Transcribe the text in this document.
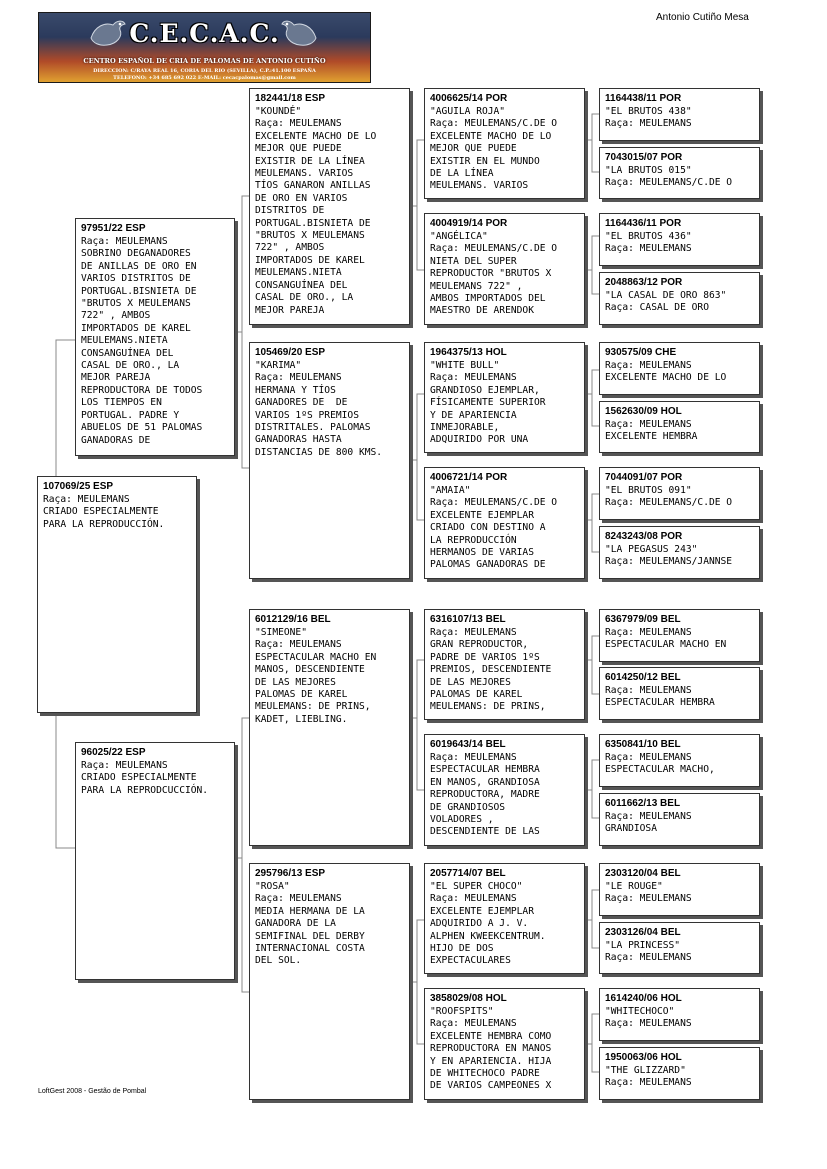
C.E.C.A.C.
CENTRO ESPAÑOL DE CRIA DE PALOMAS DE ANTONIO CUTIÑO
DIRECCION: C/RAYA REAL 16, CORIA DEL RIO (SEVILLA), C.P.:41.100 ESPAÑA
TELEFONO: +34 685 692 022 E-MAIL: cecacpalomas@gmail.com
Antonio Cutiño Mesa
107069/25 ESP
Raça: MEULEMANS
CRIADO ESPECIALMENTE
PARA LA REPRODUCCIÓN.
97951/22 ESP
Raça: MEULEMANS
SOBRINO DEGANADORES
DE ANILLAS DE ORO EN
VARIOS DISTRITOS DE
PORTUGAL.BISNIETA DE
"BRUTOS X MEULEMANS
722" , AMBOS
IMPORTADOS DE KAREL
MEULEMANS.NIETA
CONSANGUÍNEA DEL
CASAL DE ORO., LA
MEJOR PAREJA
REPRODUCTORA DE TODOS
LOS TIEMPOS EN
PORTUGAL. PADRE Y
ABUELOS DE 51 PALOMAS
GANADORAS DE
96025/22 ESP
Raça: MEULEMANS
CRIADO ESPECIALMENTE
PARA LA REPRODCUCCIÓN.
182441/18 ESP
"KOUNDÉ"
Raça: MEULEMANS
EXCELENTE MACHO DE LO
MEJOR QUE PUEDE
EXISTIR DE LA LÍNEA
MEULEMANS. VARIOS
TÍOS GANARON ANILLAS
DE ORO EN VARIOS
DISTRITOS DE
PORTUGAL.BISNIETA DE
"BRUTOS X MEULEMANS
722" , AMBOS
IMPORTADOS DE KAREL
MEULEMANS.NIETA
CONSANGUÍNEA DEL
CASAL DE ORO., LA
MEJOR PAREJA
105469/20 ESP
"KARIMA"
Raça: MEULEMANS
HERMANA Y TÍOS
GANADORES DE  DE
VARIOS 1ºS PREMIOS
DISTRITALES. PALOMAS
GANADORAS HASTA
DISTANCIAS DE 800 KMS.
6012129/16 BEL
"SIMEONE"
Raça: MEULEMANS
ESPECTACULAR MACHO EN
MANOS, DESCENDIENTE
DE LAS MEJORES
PALOMAS DE KAREL
MEULEMANS: DE PRINS,
KADET, LIEBLING.
295796/13 ESP
"ROSA"
Raça: MEULEMANS
MEDIA HERMANA DE LA
GANADORA DE LA
SEMIFINAL DEL DERBY
INTERNACIONAL COSTA
DEL SOL.
4006625/14 POR
"AGUILA ROJA"
Raça: MEULEMANS/C.DE O
EXCELENTE MACHO DE LO
MEJOR QUE PUEDE
EXISTIR EN EL MUNDO
DE LA LÍNEA
MEULEMANS. VARIOS
4004919/14 POR
"ANGÉLICA"
Raça: MEULEMANS/C.DE O
NIETA DEL SUPER
REPRODUCTOR "BRUTOS X
MEULEMANS 722" ,
AMBOS IMPORTADOS DEL
MAESTRO DE ARENDOK
1964375/13 HOL
"WHITE BULL"
Raça: MEULEMANS
GRANDIOSO EJEMPLAR,
FÍSICAMENTE SUPERIOR
Y DE APARIENCIA
INMEJORABLE,
ADQUIRIDO POR UNA
4006721/14 POR
"AMAIA"
Raça: MEULEMANS/C.DE O
EXCELENTE EJEMPLAR
CRIADO CON DESTINO A
LA REPRODUCCIÓN
HERMANOS DE VARIAS
PALOMAS GANADORAS DE
6316107/13 BEL
Raça: MEULEMANS
GRAN REPRODUCTOR,
PADRE DE VARIOS 1ºS
PREMIOS, DESCENDIENTE
DE LAS MEJORES
PALOMAS DE KAREL
MEULEMANS: DE PRINS,
6019643/14 BEL
Raça: MEULEMANS
ESPECTACULAR HEMBRA
EN MANOS, GRANDIOSA
REPRODUCTORA, MADRE
DE GRANDIOSOS
VOLADORES ,
DESCENDIENTE DE LAS
2057714/07 BEL
"EL SUPER CHOCO"
Raça: MEULEMANS
EXCELENTE EJEMPLAR
ADQUIRIDO A J. V.
ALPHEN KWEEKCENTRUM.
HIJO DE DOS
EXPECTACULARES
3858029/08 HOL
"ROOFSPITS"
Raça: MEULEMANS
EXCELENTE HEMBRA COMO
REPRODUCTORA EN MANOS
Y EN APARIENCIA. HIJA
DE WHITECHOCO PADRE
DE VARIOS CAMPEONES X
1164438/11 POR
"EL BRUTOS 438"
Raça: MEULEMANS
7043015/07 POR
"LA BRUTOS 015"
Raça: MEULEMANS/C.DE O
1164436/11 POR
"EL BRUTOS 436"
Raça: MEULEMANS
2048863/12 POR
"LA CASAL DE ORO 863"
Raça: CASAL DE ORO
930575/09 CHE
Raça: MEULEMANS
EXCELENTE MACHO DE LO
1562630/09 HOL
Raça: MEULEMANS
EXCELENTE HEMBRA
7044091/07 POR
"EL BRUTOS 091"
Raça: MEULEMANS/C.DE O
8243243/08 POR
"LA PEGASUS 243"
Raça: MEULEMANS/JANNSE
6367979/09 BEL
Raça: MEULEMANS
ESPECTACULAR MACHO EN
6014250/12 BEL
Raça: MEULEMANS
ESPECTACULAR HEMBRA
6350841/10 BEL
Raça: MEULEMANS
ESPECTACULAR MACHO,
6011662/13 BEL
Raça: MEULEMANS
GRANDIOSA
2303120/04 BEL
"LE ROUGE"
Raça: MEULEMANS
2303126/04 BEL
"LA PRINCESS"
Raça: MEULEMANS
1614240/06 HOL
"WHITECHOCO"
Raça: MEULEMANS
1950063/06 HOL
"THE GLIZZARD"
Raça: MEULEMANS
LoftGest 2008 - Gestão de Pombal
